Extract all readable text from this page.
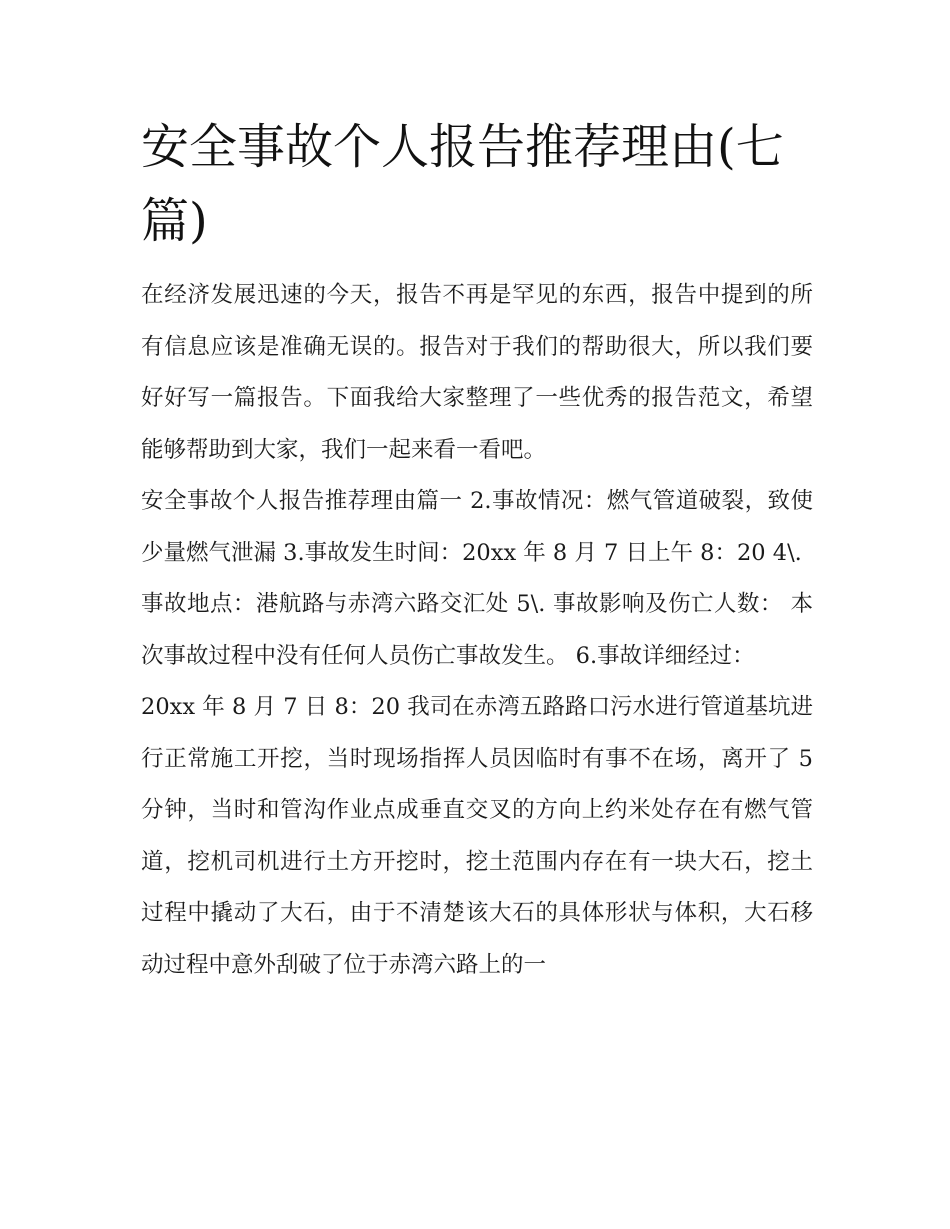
安全事故个人报告推荐理由(七篇)

在经济发展迅速的今天，报告不再是罕见的东西，报告中提到的所有信息应该是准确无误的。报告对于我们的帮助很大，所以我们要好好写一篇报告。下面我给大家整理了一些优秀的报告范文，希望能够帮助到大家，我们一起来看一看吧。

安全事故个人报告推荐理由篇一 2.事故情况：燃气管道破裂，致使少量燃气泄漏 3.事故发生时间：20xx 年 8 月 7 日上午 8：20 4\.

事故地点：港航路与赤湾六路交汇处 5\. 事故影响及伤亡人数： 本次事故过程中没有任何人员伤亡事故发生。 6.事故详细经过：

20xx 年 8 月 7 日 8：20 我司在赤湾五路路口污水进行管道基坑进行正常施工开挖，当时现场指挥人员因临时有事不在场，离开了 5 分钟，当时和管沟作业点成垂直交叉的方向上约米处存在有燃气管道，挖机司机进行土方开挖时，挖土范围内存在有一块大石，挖土过程中撬动了大石，由于不清楚该大石的具体形状与体积，大石移动过程中意外刮破了位于赤湾六路上的一
